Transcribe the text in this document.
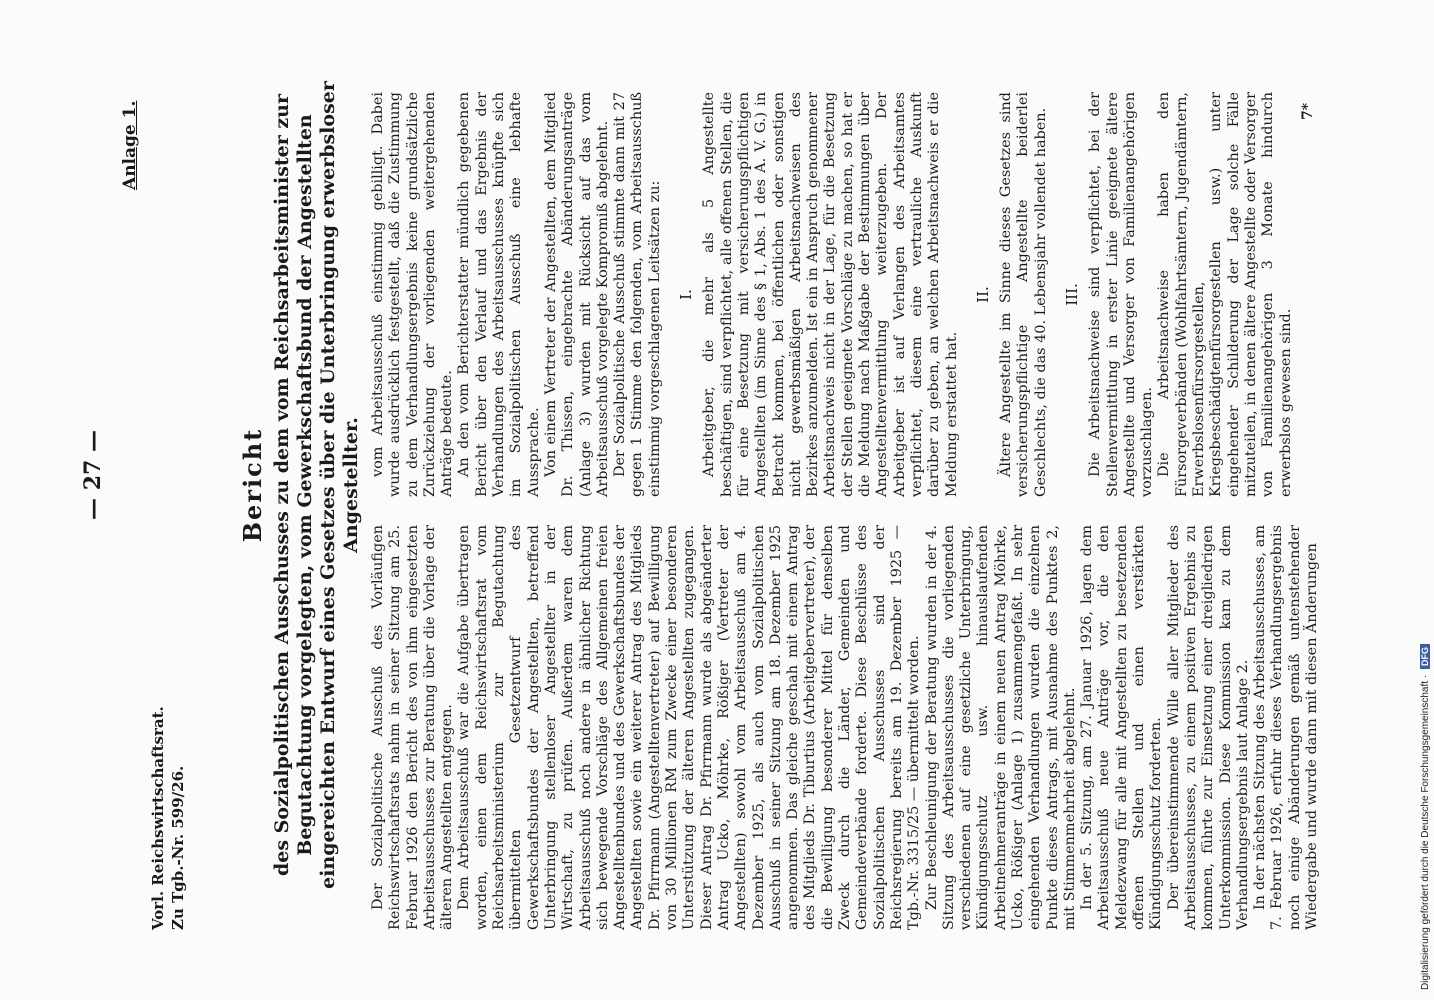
Vorl. Reichswirtschaftsrat. Zu Tgb.-Nr. 599/26.
— 27 —
Anlage 1.
Bericht des Sozialpolitischen Ausschusses zu dem vom Reichsarbeitsminister zur Begutachtung vorgelegten, vom Gewerkschaftsbund der Angestellten eingereichten Entwurf eines Gesetzes über die Unterbringung erwerbsloser Angestellter.

Der Sozialpolitische Ausschuß des Vorläufigen Reichswirtschaftsrats nahm in seiner Sitzung am 25. Februar 1926 den Bericht des von ihm eingesetzten Arbeitsausschusses zur Beratung über die Vorlage der älteren Angestellten entgegen. Dem Arbeitsausschuß war die Aufgabe übertragen worden, einen dem Reichswirtschaftsrat vom Reichsarbeitsministerium zur Begutachtung übermittelten Gesetzentwurf des Gewerkschaftsbundes der Angestellten, betreffend Unterbringung stellenloser Angestellter in der Wirtschaft, zu prüfen. Außerdem waren dem Arbeitsausschuß noch andere in ähnlicher Richtung sich bewegende Vorschläge des Allgemeinen freien Angestelltenbundes und des Gewerkschaftsbundes der Angestellten sowie ein weiterer Antrag des Mitglieds Dr. Pfirrmann (Angestelltenvertreter) auf Bewilligung von 30 Millionen RM zum Zwecke einer besonderen Unterstützung der älteren Angestellten zugegangen. Dieser Antrag Dr. Pfirrmann wurde als abgeänderter Antrag Ucko, Möhrke, Rößiger (Vertreter der Angestellten) sowohl vom Arbeitsausschuß am 4. Dezember 1925, als auch vom Sozialpolitischen Ausschuß in seiner Sitzung am 18. Dezember 1925 angenommen. Das gleiche geschah mit einem Antrag des Mitglieds Dr. Tiburtius (Arbeitgebervertreter), der die Bewilligung besonderer Mittel für denselben Zweck durch die Länder, Gemeinden und Gemeindeverbände forderte. Diese Beschlüsse des Sozialpolitischen Ausschusses sind der Reichsregierung bereits am 19. Dezember 1925 — Tgb.-Nr. 3315/25 — übermittelt worden. Zur Beschleunigung der Beratung wurden in der 4. Sitzung des Arbeitsausschusses die vorliegenden verschiedenen auf eine gesetzliche Unterbringung, Kündigungsschutz usw. hinauslaufenden Arbeitnehmeranträge in einem neuen Antrag Möhrke, Ucko, Rößiger (Anlage 1) zusammengefaßt. In sehr eingehenden Verhandlungen wurden die einzelnen Punkte dieses Antrags, mit Ausnahme des Punktes 2, mit Stimmenmehrheit abgelehnt. In der 5. Sitzung, am 27. Januar 1926, lagen dem Arbeitsausschuß neue Anträge vor, die den Meldezwang für alle mit Angestellten zu besetzenden offenen Stellen und einen verstärkten Kündigungsschutz forderten. Der übereinstimmende Wille aller Mitglieder des Arbeitsausschusses, zu einem positiven Ergebnis zu kommen, führte zur Einsetzung einer dreigliedrigen Unterkommission. Diese Kommission kam zu dem Verhandlungsergebnis laut Anlage 2. In der nächsten Sitzung des Arbeitsausschusses, am 7. Februar 1926, erfuhr dieses Verhandlungsergebnis noch einige Abänderungen gemäß untenstehender Wiedergabe und wurde dann mit diesen Änderungen

vom Arbeitsausschuß einstimmig gebilligt. Dabei wurde ausdrücklich festgestellt, daß die Zustimmung zu dem Verhandlungsergebnis keine grundsätzliche Zurückziehung der vorliegenden weitergehenden Anträge bedeute. An den vom Berichterstatter mündlich gegebenen Bericht über den Verlauf und das Ergebnis der Verhandlungen des Arbeitsausschusses knüpfte sich im Sozialpolitischen Ausschuß eine lebhafte Aussprache. Von einem Vertreter der Angestellten, dem Mitglied Dr. Thissen, eingebrachte Abänderungsanträge (Anlage 3) wurden mit Rücksicht auf das vom Arbeitsausschuß vorgelegte Kompromiß abgelehnt. Der Sozialpolitische Ausschuß stimmte dann mit 27 gegen 1 Stimme den folgenden, vom Arbeitsausschuß einstimmig vorgeschlagenen Leitsätzen zu: I. Arbeitgeber, die mehr als 5 Angestellte beschäftigen, sind verpflichtet, alle offenen Stellen, die für eine Besetzung mit versicherungspflichtigen Angestellten (im Sinne des § 1, Abs. 1 des A. V. G.) in Betracht kommen, bei öffentlichen oder sonstigen nicht gewerbsmäßigen Arbeitsnachweisen des Bezirkes anzumelden. Ist ein in Anspruch genommener Arbeitsnachweis nicht in der Lage, für die Besetzung der Stellen geeignete Vorschläge zu machen, so hat er die Meldung nach Maßgabe der Bestimmungen über Angestelltenvermittlung weiterzugeben. Der Arbeitgeber ist auf Verlangen des Arbeitsamtes verpflichtet, diesem eine vertrauliche Auskunft darüber zu geben, an welchen Arbeitsnachweis er die Meldung erstattet hat.

II. Ältere Angestellte im Sinne dieses Gesetzes sind versicherungspflichtige Angestellte beiderlei Geschlechts, die das 40. Lebensjahr vollendet haben. III. Die Arbeitsnachweise sind verpflichtet, bei der Stellenvermittlung in erster Linie geeignete ältere Angestellte und Versorger von Familienangehörigen vorzuschlagen. Die Arbeitsnachweise haben den Fürsorgeverbänden (Wohlfahrtsämtern, Jugendämtern, Erwerbslosenfürsorgestellen, Kriegsbeschädigtenfürsorgestellen usw.) unter eingehender Schilderung der Lage solche Fälle mitzuteilen, in denen ältere Angestellte oder Versorger von Familienangehörigen 3 Monate hindurch erwerbslos gewesen sind.

7*
Digitalisierung gefördert durch die Deutsche Forschungsgemeinschaft · DFG
